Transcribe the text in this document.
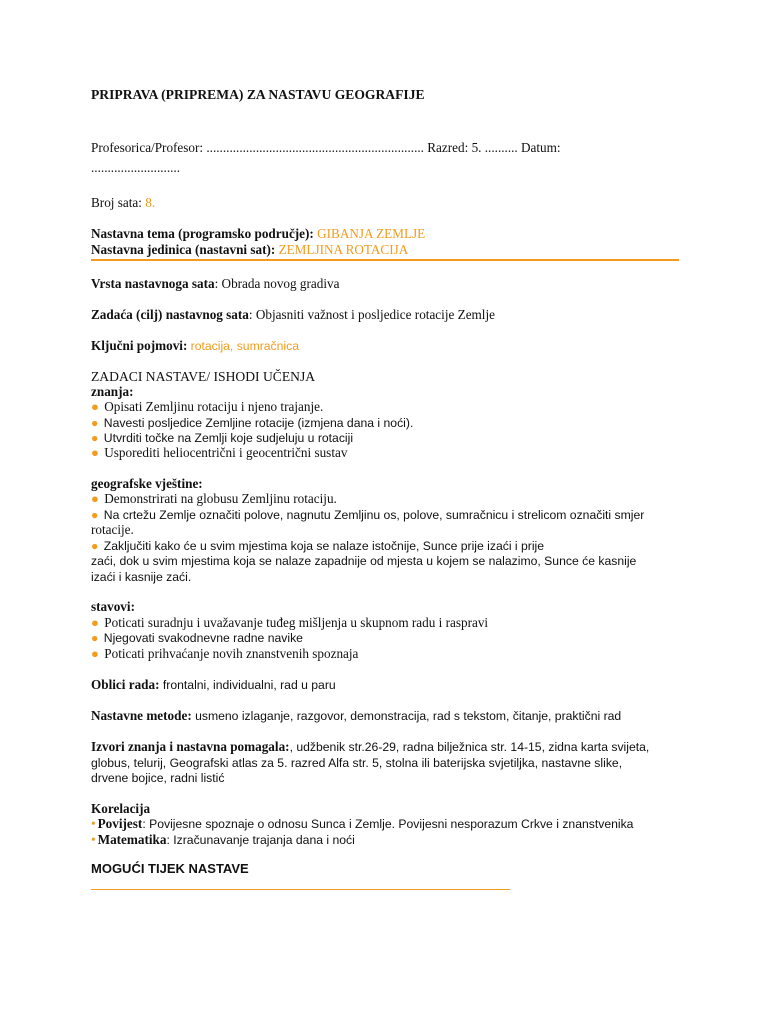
PRIPRAVA (PRIPREMA) ZA NASTAVU GEOGRAFIJE
Profesorica/Profesor: .................................................................. Razred: 5. .......... Datum:
...........................
Broj sata: 8.
Nastavna tema (programsko područje): GIBANJA ZEMLJE
Nastavna jedinica (nastavni sat): ZEMLJINA ROTACIJA
Vrsta nastavnoga sata: Obrada novog gradiva
Zadaća (cilj) nastavnog sata: Objasniti važnost i posljedice rotacije Zemlje
Ključni pojmovi: rotacija, sumračnica
ZADACI NASTAVE/ ISHODI UČENJA
znanja:
● Opisati Zemljinu rotaciju i njeno trajanje.
● Navesti posljedice Zemljine rotacije (izmjena dana i noći).
● Utvrditi točke na Zemlji koje sudjeluju u rotaciji
● Usporediti heliocentrični i geocentrični sustav
geografske vještine:
● Demonstrirati na globusu Zemljinu rotaciju.
● Na crtežu Zemlje označiti polove, nagnutu Zemljinu os, polove, sumračnicu i strelicom označiti smjer
rotacije.
● Zaključiti kako će u svim mjestima koja se nalaze istočnije, Sunce prije izaći i prije
zaći, dok u svim mjestima koja se nalaze zapadnije od mjesta u kojem se nalazimo, Sunce će kasnije
izaći i kasnije zaći.
stavovi:
● Poticati suradnju i uvažavanje tuđeg mišljenja u skupnom radu i raspravi
● Njegovati svakodnevne radne navike
● Poticati prihvaćanje novih znanstvenih spoznaja
Oblici rada: frontalni, individualni, rad u paru
Nastavne metode: usmeno izlaganje, razgovor, demonstracija, rad s tekstom, čitanje, praktični rad
Izvori znanja i nastavna pomagala:, udžbenik str.26-29, radna bilježnica str. 14-15, zidna karta svijeta,
globus, telurij, Geografski atlas za 5. razred Alfa str. 5, stolna ili baterijska svjetiljka, nastavne slike,
drvene bojice, radni listić
Korelacija
• Povijest: Povijesne spoznaje o odnosu Sunca i Zemlje. Povijesni nesporazum Crkve i znanstvenika
• Matematika: Izračunavanje trajanja dana i noći
MOGUĆI TIJEK NASTAVE
